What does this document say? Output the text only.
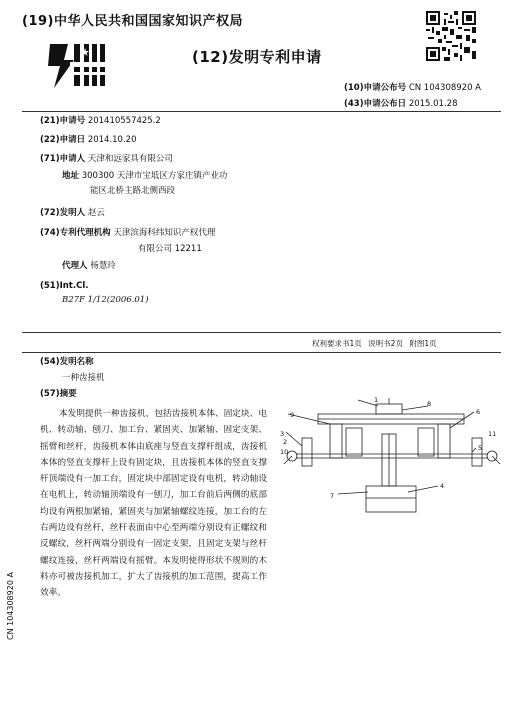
(19)中华人民共和国国家知识产权局
(12)发明专利申请
(10)申请公布号 CN 104308920 A
(43)申请公布日 2015.01.28
(21)申请号 201410557425.2
(22)申请日 2014.10.20
(71)申请人 天津和远家具有限公司
地址 300300 天津市宝坻区方家庄镇产业功
能区北桥主路北侧西段
(72)发明人 赵云
(74)专利代理机构 天津滨海科纬知识产权代理
有限公司 12211
代理人 杨慧玲
(51)Int.Cl.
B27F 1/12(2006.01)
权利要求书1页 说明书2页 附图1页
(54)发明名称
一种齿接机
(57)摘要
本发明提供一种齿接机，包括齿接机本体、固定块、电机、转动轴、刨刀、加工台、紧固夹、加紧轴、固定支架、摇臂和丝杆，齿接机本体由底座与竖直支撑杆组成，齿接机本体的竖直支撑杆上设有固定块，且齿接机本体的竖直支撑杆顶端设有一加工台，固定块中部固定设有电机，转动轴设在电机上，转动轴顶端设有一刨刀，加工台前后两侧的底部均设有两根加紧轴，紧固夹与加紧轴螺纹连接，加工台的左右两边设有丝杆，丝杆表面由中心至两端分别设有正螺纹和反螺纹，丝杆两端分别设有一固定支架，且固定支架与丝杆螺纹连接，丝杆两端设有摇臂。本发明使得形状不规则的木料亦可被齿接机加工，扩大了齿接机的加工范围，提高工作效率。
9
1	8
6
5
4
7
3
2
10
11
CN 104308920 A
